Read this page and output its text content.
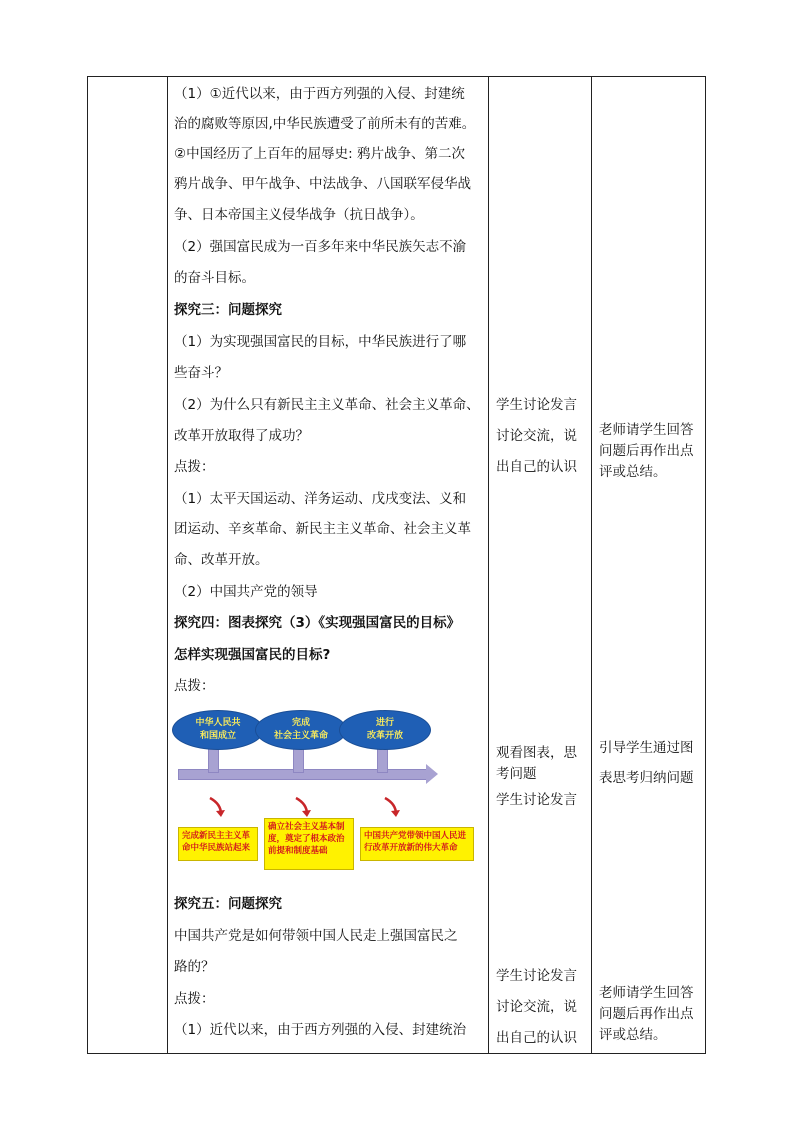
（1）①近代以来，由于西方列强的入侵、封建统
治的腐败等原因,中华民族遭受了前所未有的苦难。
②中国经历了上百年的屈辱史: 鸦片战争、第二次
鸦片战争、甲午战争、中法战争、八国联军侵华战
争、日本帝国主义侵华战争（抗日战争）。
（2）强国富民成为一百多年来中华民族矢志不渝
的奋斗目标。
探究三：问题探究
（1）为实现强国富民的目标，中华民族进行了哪
些奋斗？
（2）为什么只有新民主主义革命、社会主义革命、
改革开放取得了成功？
点拨：
（1）太平天国运动、洋务运动、戊戌变法、义和
团运动、辛亥革命、新民主主义革命、社会主义革
命、改革开放。
（2）中国共产党的领导
探究四：图表探究（3）《实现强国富民的目标》
怎样实现强国富民的目标?
点拨：
中华人民共
和国成立
完成
社会主义革命
进行
改革开放
完成新民主主义革命中华民族站起来
确立社会主义基本制度，奠定了根本政治前提和制度基础
中国共产党带领中国人民进行改革开放新的伟大革命
探究五：问题探究
中国共产党是如何带领中国人民走上强国富民之
路的？
点拨：
（1）近代以来，由于西方列强的入侵、封建统治
学生讨论发言
讨论交流，说
出自己的认识
观看图表，思
考问题
学生讨论发言
学生讨论发言
讨论交流，说
出自己的认识
老师请学生回答
问题后再作出点
评或总结。
引导学生通过图
表思考归纳问题
老师请学生回答
问题后再作出点
评或总结。
